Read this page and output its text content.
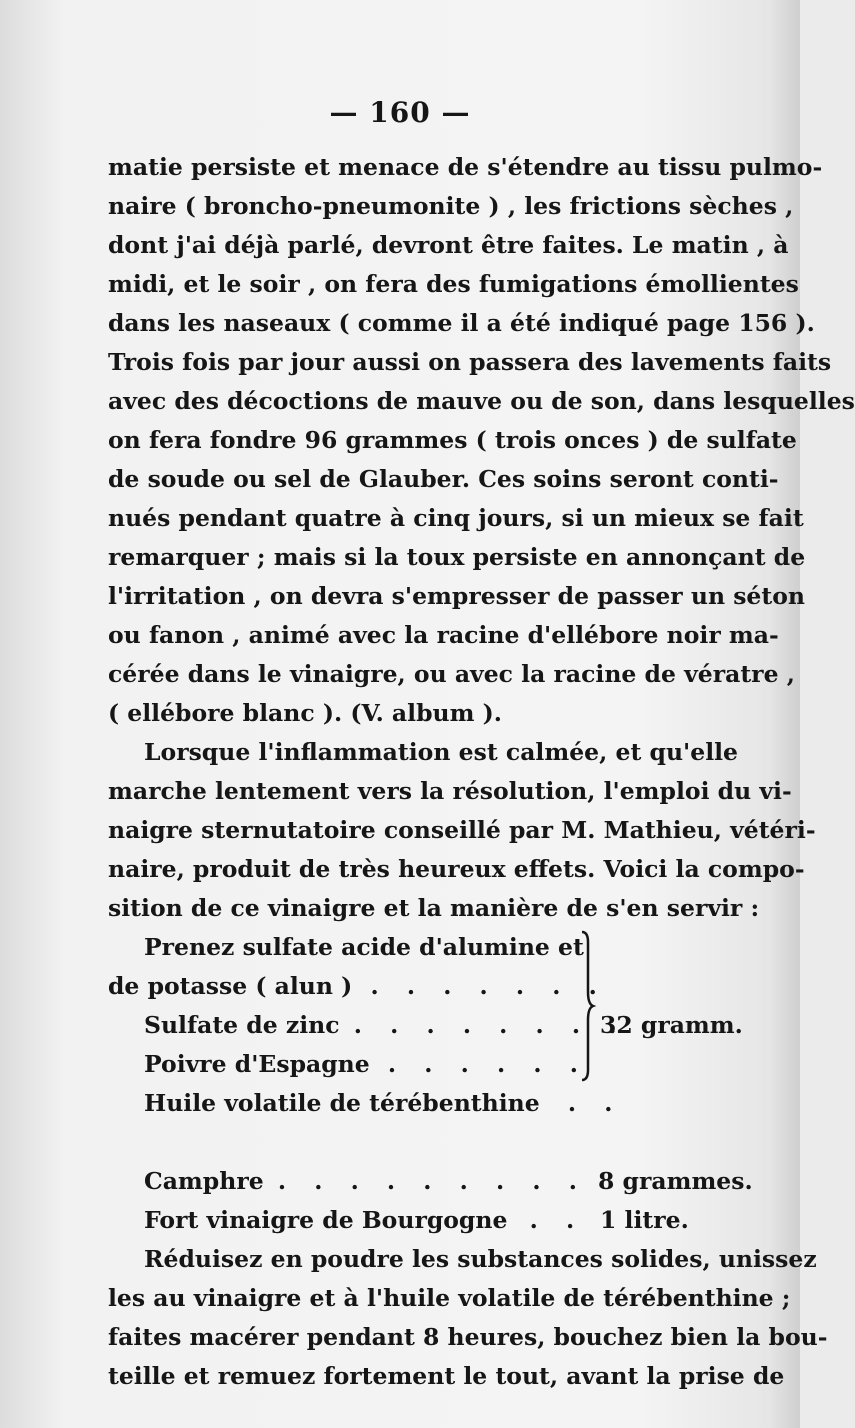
— 160 —
matie persiste et menace de s'étendre au tissu pulmo-
naire ( broncho-pneumonite ) , les frictions sèches ,
dont j'ai déjà parlé, devront être faites. Le matin , à
midi, et le soir , on fera des fumigations émollientes
dans les naseaux ( comme il a été indiqué page 156 ).
Trois fois par jour aussi on passera des lavements faits
avec des décoctions de mauve ou de son, dans lesquelles
on fera fondre 96 grammes ( trois onces ) de sulfate
de soude ou sel de Glauber. Ces soins seront conti-
nués pendant quatre à cinq jours, si un mieux se fait
remarquer ; mais si la toux persiste en annonçant de
l'irritation , on devra s'empresser de passer un séton
ou fanon , animé avec la racine d'ellébore noir ma-
cérée dans le vinaigre, ou avec la racine de vératre ,
( ellébore blanc ). (V. album ).
Lorsque l'inflammation est calmée, et qu'elle
marche lentement vers la résolution, l'emploi du vi-
naigre sternutatoire conseillé par M. Mathieu, vétéri-
naire, produit de très heureux effets. Voici la compo-
sition de ce vinaigre et la manière de s'en servir :
Prenez sulfate acide d'alumine et
de potasse ( alun ) . . . . . . .
Sulfate de zinc . . . . . . . .
Poivre d'Espagne . . . . . .
Huile volatile de térébenthine . .
32 gramm.
Camphre . . . . . . . . . 8 grammes.
Fort vinaigre de Bourgogne . . 1 litre.
Réduisez en poudre les substances solides, unissez
les au vinaigre et à l'huile volatile de térébenthine ;
faites macérer pendant 8 heures, bouchez bien la bou-
teille et remuez fortement le tout, avant la prise de
